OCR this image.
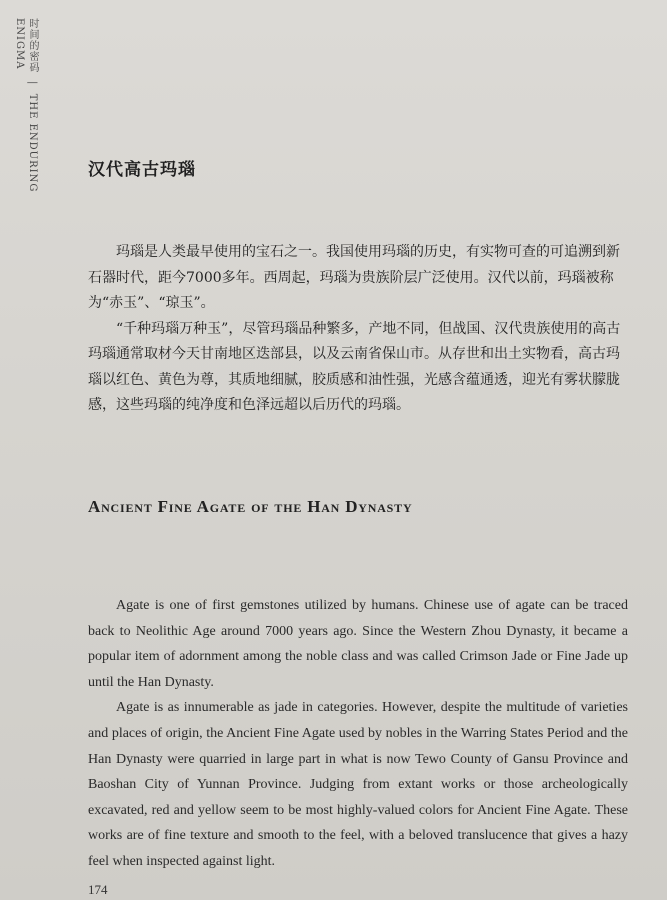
时间的密码 | THE ENDURING ENIGMA
汉代高古玛瑙

玛瑙是人类最早使用的宝石之一。我国使用玛瑙的历史，有实物可查的可追溯到新石器时代，距今7000多年。西周起，玛瑙为贵族阶层广泛使用。汉代以前，玛瑙被称为“赤玉”、“琼玉”。

“千种玛瑙万种玉”，尽管玛瑙品种繁多，产地不同，但战国、汉代贵族使用的高古玛瑙通常取材今天甘南地区迭部县，以及云南省保山市。从存世和出土实物看，高古玛瑙以红色、黄色为尊，其质地细腻，胶质感和油性强，光感含蕴通透，迎光有雾状朦胧感，这些玛瑙的纯净度和色泽远超以后历代的玛瑙。

Ancient Fine Agate of the Han Dynasty

Agate is one of first gemstones utilized by humans. Chinese use of agate can be traced back to Neolithic Age around 7000 years ago. Since the Western Zhou Dynasty, it became a popular item of adornment among the noble class and was called Crimson Jade or Fine Jade up until the Han Dynasty.

Agate is as innumerable as jade in categories. However, despite the multitude of varieties and places of origin, the Ancient Fine Agate used by nobles in the Warring States Period and the Han Dynasty were quarried in large part in what is now Tewo County of Gansu Province and Baoshan City of Yunnan Province. Judging from extant works or those archeologically excavated, red and yellow seem to be most highly-valued colors for Ancient Fine Agate. These works are of fine texture and smooth to the feel, with a beloved translucence that gives a hazy feel when inspected against light.

174
